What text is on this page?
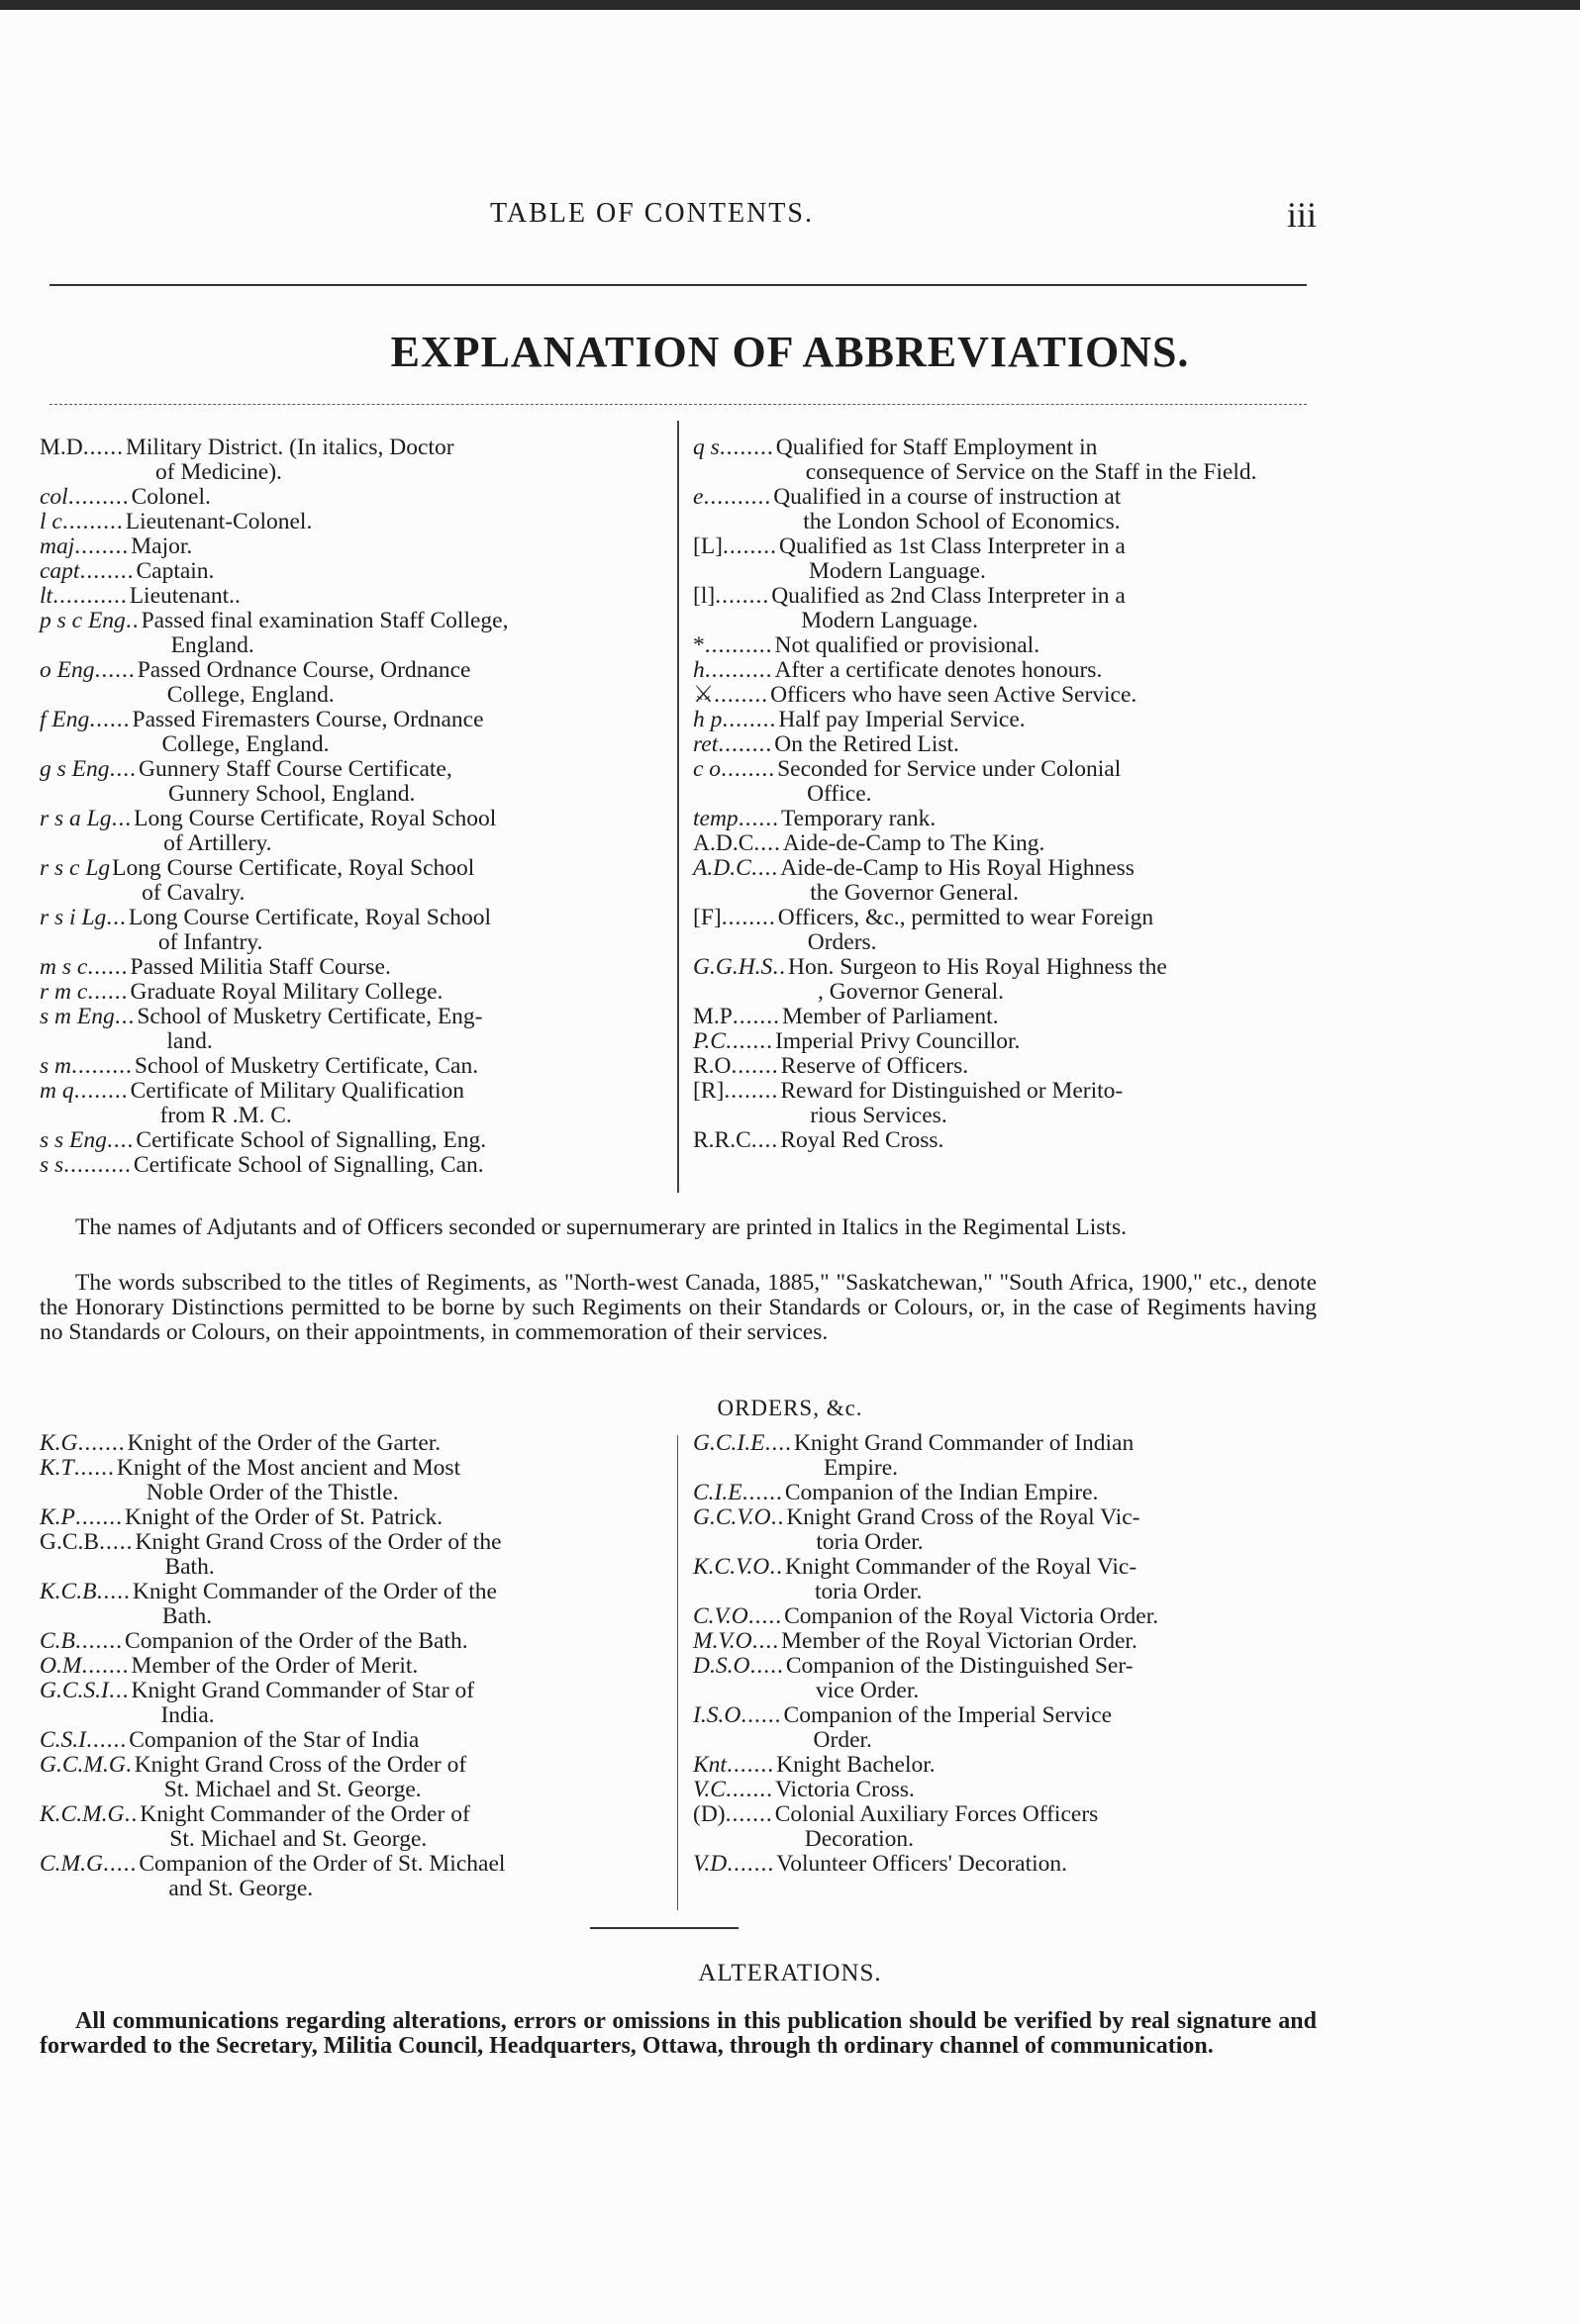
TABLE OF CONTENTS.	iii
EXPLANATION OF ABBREVIATIONS.
M.D ...... Military District. (In italics, Doctor
of Medicine).
col ......... Colonel.
l c ......... Lieutenant-Colonel.
maj ........ Major.
capt ........ Captain.
lt ........... Lieutenant..
p s c Eng .. Passed final examination Staff College,
England.
o Eng ...... Passed Ordnance Course, Ordnance
College, England.
f Eng ...... Passed Firemasters Course, Ordnance
College, England.
g s Eng .... Gunnery Staff Course Certificate,
Gunnery School, England.
r s a Lg ... Long Course Certificate, Royal School
of Artillery.
r s c Lg Long Course Certificate, Royal School
of Cavalry.
r s i Lg ... Long Course Certificate, Royal School
of Infantry.
m s c ...... Passed Militia Staff Course.
r m c ...... Graduate Royal Military College.
s m Eng ... School of Musketry Certificate, Eng-
land.
s m ......... School of Musketry Certificate, Can.
m q ........ Certificate of Military Qualification
from R .M. C.
s s Eng .... Certificate School of Signalling, Eng.
s s .......... Certificate School of Signalling, Can.
q s ........ Qualified for Staff Employment in
consequence of Service on the Staff in the Field.
e .......... Qualified in a course of instruction at
the London School of Economics.
[L] ........ Qualified as 1st Class Interpreter in a
Modern Language.
[l] ........ Qualified as 2nd Class Interpreter in a
Modern Language.
* .......... Not qualified or provisional.
h .......... After a certificate denotes honours.
⚔ ........ Officers who have seen Active Service.
h p ........ Half pay Imperial Service.
ret ........ On the Retired List.
c o ........ Seconded for Service under Colonial
Office.
temp ...... Temporary rank.
A.D.C .... Aide-de-Camp to The King.
A.D.C .... Aide-de-Camp to His Royal Highness
the Governor General.
[F] ........ Officers, &c., permitted to wear Foreign
Orders.
G.G.H.S .. Hon. Surgeon to His Royal Highness the
, Governor General.
M.P ....... Member of Parliament.
P.C ....... Imperial Privy Councillor.
R.O ....... Reserve of Officers.
[R] ........ Reward for Distinguished or Merito-
rious Services.
R.R.C .... Royal Red Cross.
The names of Adjutants and of Officers seconded or supernumerary are printed in Italics in the Regimental Lists.
The words subscribed to the titles of Regiments, as "North-west Canada, 1885," "Saskatchewan," "South Africa, 1900," etc., denote the Honorary Distinctions permitted to be borne by such Regiments on their Standards or Colours, or, in the case of Regiments having no Standards or Colours, on their appointments, in commemoration of their services.
ORDERS, &c.
K.G ....... Knight of the Order of the Garter.
K.T ...... Knight of the Most ancient and Most
Noble Order of the Thistle.
K.P ....... Knight of the Order of St. Patrick.
G.C.B ..... Knight Grand Cross of the Order of the
Bath.
K.C.B ..... Knight Commander of the Order of the
Bath.
C.B ....... Companion of the Order of the Bath.
O.M ....... Member of the Order of Merit.
G.C.S.I ... Knight Grand Commander of Star of
India.
C.S.I ...... Companion of the Star of India
G.C.M.G . Knight Grand Cross of the Order of
St. Michael and St. George.
K.C.M.G .. Knight Commander of the Order of
St. Michael and St. George.
C.M.G ..... Companion of the Order of St. Michael
and St. George.
G.C.I.E .... Knight Grand Commander of Indian
Empire.
C.I.E ...... Companion of the Indian Empire.
G.C.V.O .. Knight Grand Cross of the Royal Vic-
toria Order.
K.C.V.O .. Knight Commander of the Royal Vic-
toria Order.
C.V.O ..... Companion of the Royal Victoria Order.
M.V.O .... Member of the Royal Victorian Order.
D.S.O ..... Companion of the Distinguished Ser-
vice Order.
I.S.O ...... Companion of the Imperial Service
Order.
Knt ....... Knight Bachelor.
V.C ....... Victoria Cross.
(D) ....... Colonial Auxiliary Forces Officers
Decoration.
V.D ....... Volunteer Officers' Decoration.
ALTERATIONS.
All communications regarding alterations, errors or omissions in this publication should be verified by real signature and forwarded to the Secretary, Militia Council, Headquarters, Ottawa, through th ordinary channel of communication.
